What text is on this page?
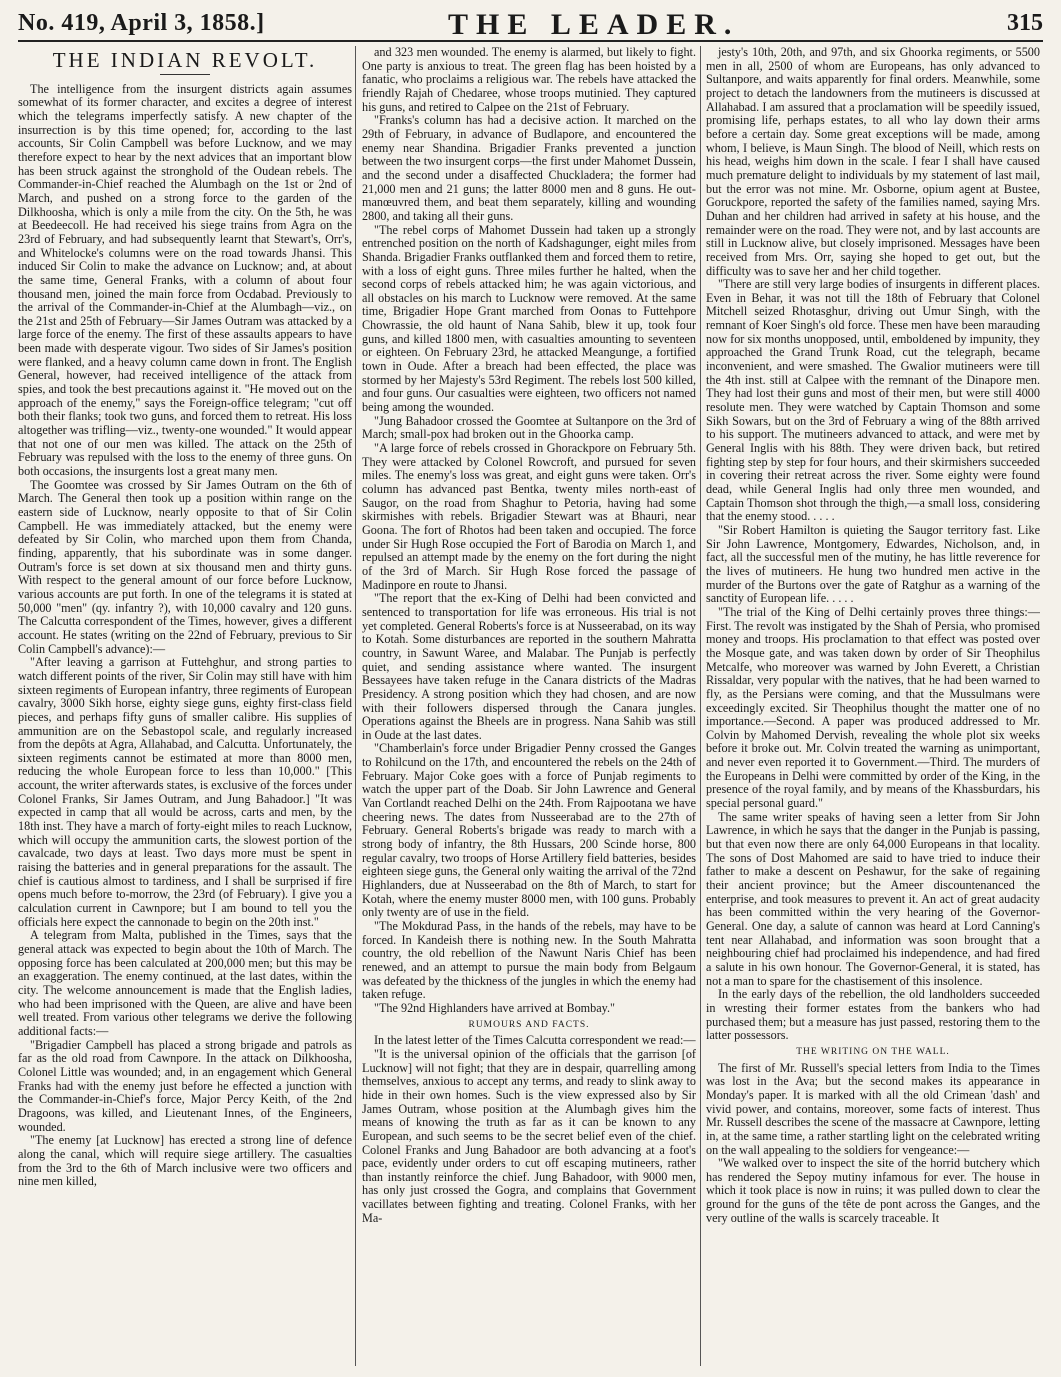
No. 419, April 3, 1858.]	THE LEADER.	315
THE INDIAN REVOLT.

The intelligence from the insurgent districts again assumes somewhat of its former character, and excites a degree of interest which the telegrams imperfectly satisfy. A new chapter of the insurrection is by this time opened; for, according to the last accounts, Sir Colin Campbell was before Lucknow, and we may therefore expect to hear by the next advices that an important blow has been struck against the stronghold of the Oudean rebels. The Commander-in-Chief reached the Alumbagh on the 1st or 2nd of March, and pushed on a strong force to the garden of the Dilkhoosha, which is only a mile from the city. On the 5th, he was at Beedeecoll. He had received his siege trains from Agra on the 23rd of February, and had subsequently learnt that Stewart's, Orr's, and Whitelocke's columns were on the road towards Jhansi. This induced Sir Colin to make the advance on Lucknow; and, at about the same time, General Franks, with a column of about four thousand men, joined the main force from Ocdabad. Previously to the arrival of the Commander-in-Chief at the Alumbagh—viz., on the 21st and 25th of February—Sir James Outram was attacked by a large force of the enemy. The first of these assaults appears to have been made with desperate vigour. Two sides of Sir James's position were flanked, and a heavy column came down in front. The English General, however, had received intelligence of the attack from spies, and took the best precautions against it. "He moved out on the approach of the enemy," says the Foreign-office telegram; "cut off both their flanks; took two guns, and forced them to retreat. His loss altogether was trifling—viz., twenty-one wounded." It would appear that not one of our men was killed. The attack on the 25th of February was repulsed with the loss to the enemy of three guns. On both occasions, the insurgents lost a great many men.

The Goomtee was crossed by Sir James Outram on the 6th of March. The General then took up a position within range on the eastern side of Lucknow, nearly opposite to that of Sir Colin Campbell. He was immediately attacked, but the enemy were defeated by Sir Colin, who marched upon them from Chanda, finding, apparently, that his subordinate was in some danger. Outram's force is set down at six thousand men and thirty guns. With respect to the general amount of our force before Lucknow, various accounts are put forth. In one of the telegrams it is stated at 50,000 "men" (qy. infantry ?), with 10,000 cavalry and 120 guns. The Calcutta correspondent of the Times, however, gives a different account. He states (writing on the 22nd of February, previous to Sir Colin Campbell's advance):—

"After leaving a garrison at Futtehghur, and strong parties to watch different points of the river, Sir Colin may still have with him sixteen regiments of European infantry, three regiments of European cavalry, 3000 Sikh horse, eighty siege guns, eighty first-class field pieces, and perhaps fifty guns of smaller calibre. His supplies of ammunition are on the Sebastopol scale, and regularly increased from the depôts at Agra, Allahabad, and Calcutta. Unfortunately, the sixteen regiments cannot be estimated at more than 8000 men, reducing the whole European force to less than 10,000." [This account, the writer afterwards states, is exclusive of the forces under Colonel Franks, Sir James Outram, and Jung Bahadoor.] "It was expected in camp that all would be across, carts and men, by the 18th inst. They have a march of forty-eight miles to reach Lucknow, which will occupy the ammunition carts, the slowest portion of the cavalcade, two days at least. Two days more must be spent in raising the batteries and in general preparations for the assault. The chief is cautious almost to tardiness, and I shall be surprised if fire opens much before to-morrow, the 23rd (of February). I give you a calculation current in Cawnpore; but I am bound to tell you the officials here expect the cannonade to begin on the 20th inst."

A telegram from Malta, published in the Times, says that the general attack was expected to begin about the 10th of March. The opposing force has been calculated at 200,000 men; but this may be an exaggeration. The enemy continued, at the last dates, within the city. The welcome announcement is made that the English ladies, who had been imprisoned with the Queen, are alive and have been well treated. From various other telegrams we derive the following additional facts:—

"Brigadier Campbell has placed a strong brigade and patrols as far as the old road from Cawnpore. In the attack on Dilkhoosha, Colonel Little was wounded; and, in an engagement which General Franks had with the enemy just before he effected a junction with the Commander-in-Chief's force, Major Percy Keith, of the 2nd Dragoons, was killed, and Lieutenant Innes, of the Engineers, wounded.

"The enemy [at Lucknow] has erected a strong line of defence along the canal, which will require siege artillery. The casualties from the 3rd to the 6th of March inclusive were two officers and nine men killed,

and 323 men wounded. The enemy is alarmed, but likely to fight. One party is anxious to treat. The green flag has been hoisted by a fanatic, who proclaims a religious war. The rebels have attacked the friendly Rajah of Chedaree, whose troops mutinied. They captured his guns, and retired to Calpee on the 21st of February.

"Franks's column has had a decisive action. It marched on the 29th of February, in advance of Budlapore, and encountered the enemy near Shandina. Brigadier Franks prevented a junction between the two insurgent corps—the first under Mahomet Dussein, and the second under a disaffected Chuckladera; the former had 21,000 men and 21 guns; the latter 8000 men and 8 guns. He out-manœuvred them, and beat them separately, killing and wounding 2800, and taking all their guns.

"The rebel corps of Mahomet Dussein had taken up a strongly entrenched position on the north of Kadshagunger, eight miles from Shanda. Brigadier Franks outflanked them and forced them to retire, with a loss of eight guns. Three miles further he halted, when the second corps of rebels attacked him; he was again victorious, and all obstacles on his march to Lucknow were removed. At the same time, Brigadier Hope Grant marched from Oonas to Futtehpore Chowrassie, the old haunt of Nana Sahib, blew it up, took four guns, and killed 1800 men, with casualties amounting to seventeen or eighteen. On February 23rd, he attacked Meangunge, a fortified town in Oude. After a breach had been effected, the place was stormed by her Majesty's 53rd Regiment. The rebels lost 500 killed, and four guns. Our casualties were eighteen, two officers not named being among the wounded.

"Jung Bahadoor crossed the Goomtee at Sultanpore on the 3rd of March; small-pox had broken out in the Ghoorka camp.

"A large force of rebels crossed in Ghorackpore on February 5th. They were attacked by Colonel Rowcroft, and pursued for seven miles. The enemy's loss was great, and eight guns were taken. Orr's column has advanced past Bentka, twenty miles north-east of Saugor, on the road from Shaghur to Petoria, having had some skirmishes with rebels. Brigadier Stewart was at Bhauri, near Goona. The fort of Rhotos had been taken and occupied. The force under Sir Hugh Rose occupied the Fort of Barodia on March 1, and repulsed an attempt made by the enemy on the fort during the night of the 3rd of March. Sir Hugh Rose forced the passage of Madinpore en route to Jhansi.

"The report that the ex-King of Delhi had been convicted and sentenced to transportation for life was erroneous. His trial is not yet completed. General Roberts's force is at Nusseerabad, on its way to Kotah. Some disturbances are reported in the southern Mahratta country, in Sawunt Waree, and Malabar. The Punjab is perfectly quiet, and sending assistance where wanted. The insurgent Bessayees have taken refuge in the Canara districts of the Madras Presidency. A strong position which they had chosen, and are now with their followers dispersed through the Canara jungles. Operations against the Bheels are in progress. Nana Sahib was still in Oude at the last dates.

"Chamberlain's force under Brigadier Penny crossed the Ganges to Rohilcund on the 17th, and encountered the rebels on the 24th of February. Major Coke goes with a force of Punjab regiments to watch the upper part of the Doab. Sir John Lawrence and General Van Cortlandt reached Delhi on the 24th. From Rajpootana we have cheering news. The dates from Nusseerabad are to the 27th of February. General Roberts's brigade was ready to march with a strong body of infantry, the 8th Hussars, 200 Scinde horse, 800 regular cavalry, two troops of Horse Artillery field batteries, besides eighteen siege guns, the General only waiting the arrival of the 72nd Highlanders, due at Nusseerabad on the 8th of March, to start for Kotah, where the enemy muster 8000 men, with 100 guns. Probably only twenty are of use in the field.

"The Mokdurad Pass, in the hands of the rebels, may have to be forced. In Kandeish there is nothing new. In the South Mahratta country, the old rebellion of the Nawunt Naris Chief has been renewed, and an attempt to pursue the main body from Belgaum was defeated by the thickness of the jungles in which the enemy had taken refuge.

"The 92nd Highlanders have arrived at Bombay."

RUMOURS AND FACTS.

In the latest letter of the Times Calcutta correspondent we read:—

"It is the universal opinion of the officials that the garrison [of Lucknow] will not fight; that they are in despair, quarrelling among themselves, anxious to accept any terms, and ready to slink away to hide in their own homes. Such is the view expressed also by Sir James Outram, whose position at the Alumbagh gives him the means of knowing the truth as far as it can be known to any European, and such seems to be the secret belief even of the chief. Colonel Franks and Jung Bahadoor are both advancing at a foot's pace, evidently under orders to cut off escaping mutineers, rather than instantly reinforce the chief. Jung Bahadoor, with 9000 men, has only just crossed the Gogra, and complains that Government vacillates between fighting and treating. Colonel Franks, with her Ma-

jesty's 10th, 20th, and 97th, and six Ghoorka regiments, or 5500 men in all, 2500 of whom are Europeans, has only advanced to Sultanpore, and waits apparently for final orders. Meanwhile, some project to detach the landowners from the mutineers is discussed at Allahabad. I am assured that a proclamation will be speedily issued, promising life, perhaps estates, to all who lay down their arms before a certain day. Some great exceptions will be made, among whom, I believe, is Maun Singh. The blood of Neill, which rests on his head, weighs him down in the scale. I fear I shall have caused much premature delight to individuals by my statement of last mail, but the error was not mine. Mr. Osborne, opium agent at Bustee, Goruckpore, reported the safety of the families named, saying Mrs. Duhan and her children had arrived in safety at his house, and the remainder were on the road. They were not, and by last accounts are still in Lucknow alive, but closely imprisoned. Messages have been received from Mrs. Orr, saying she hoped to get out, but the difficulty was to save her and her child together.

"There are still very large bodies of insurgents in different places. Even in Behar, it was not till the 18th of February that Colonel Mitchell seized Rhotasghur, driving out Umur Singh, with the remnant of Koer Singh's old force. These men have been marauding now for six months unopposed, until, emboldened by impunity, they approached the Grand Trunk Road, cut the telegraph, became inconvenient, and were smashed. The Gwalior mutineers were till the 4th inst. still at Calpee with the remnant of the Dinapore men. They had lost their guns and most of their men, but were still 4000 resolute men. They were watched by Captain Thomson and some Sikh Sowars, but on the 3rd of February a wing of the 88th arrived to his support. The mutineers advanced to attack, and were met by General Inglis with his 88th. They were driven back, but retired fighting step by step for four hours, and their skirmishers succeeded in covering their retreat across the river. Some eighty were found dead, while General Inglis had only three men wounded, and Captain Thomson shot through the thigh,—a small loss, considering that the enemy stood. . . . .

"Sir Robert Hamilton is quieting the Saugor territory fast. Like Sir John Lawrence, Montgomery, Edwardes, Nicholson, and, in fact, all the successful men of the mutiny, he has little reverence for the lives of mutineers. He hung two hundred men active in the murder of the Burtons over the gate of Ratghur as a warning of the sanctity of European life. . . . .

"The trial of the King of Delhi certainly proves three things:—First. The revolt was instigated by the Shah of Persia, who promised money and troops. His proclamation to that effect was posted over the Mosque gate, and was taken down by order of Sir Theophilus Metcalfe, who moreover was warned by John Everett, a Christian Rissaldar, very popular with the natives, that he had been warned to fly, as the Persians were coming, and that the Mussulmans were exceedingly excited. Sir Theophilus thought the matter one of no importance.—Second. A paper was produced addressed to Mr. Colvin by Mahomed Dervish, revealing the whole plot six weeks before it broke out. Mr. Colvin treated the warning as unimportant, and never even reported it to Government.—Third. The murders of the Europeans in Delhi were committed by order of the King, in the presence of the royal family, and by means of the Khassburdars, his special personal guard."

The same writer speaks of having seen a letter from Sir John Lawrence, in which he says that the danger in the Punjab is passing, but that even now there are only 64,000 Europeans in that locality. The sons of Dost Mahomed are said to have tried to induce their father to make a descent on Peshawur, for the sake of regaining their ancient province; but the Ameer discountenanced the enterprise, and took measures to prevent it. An act of great audacity has been committed within the very hearing of the Governor-General. One day, a salute of cannon was heard at Lord Canning's tent near Allahabad, and information was soon brought that a neighbouring chief had proclaimed his independence, and had fired a salute in his own honour. The Governor-General, it is stated, has not a man to spare for the chastisement of this insolence.

In the early days of the rebellion, the old landholders succeeded in wresting their former estates from the bankers who had purchased them; but a measure has just passed, restoring them to the latter possessors.

THE WRITING ON THE WALL.

The first of Mr. Russell's special letters from India to the Times was lost in the Ava; but the second makes its appearance in Monday's paper. It is marked with all the old Crimean 'dash' and vivid power, and contains, moreover, some facts of interest. Thus Mr. Russell describes the scene of the massacre at Cawnpore, letting in, at the same time, a rather startling light on the celebrated writing on the wall appealing to the soldiers for vengeance:—

"We walked over to inspect the site of the horrid butchery which has rendered the Sepoy mutiny infamous for ever. The house in which it took place is now in ruins; it was pulled down to clear the ground for the guns of the tête de pont across the Ganges, and the very outline of the walls is scarcely traceable. It
